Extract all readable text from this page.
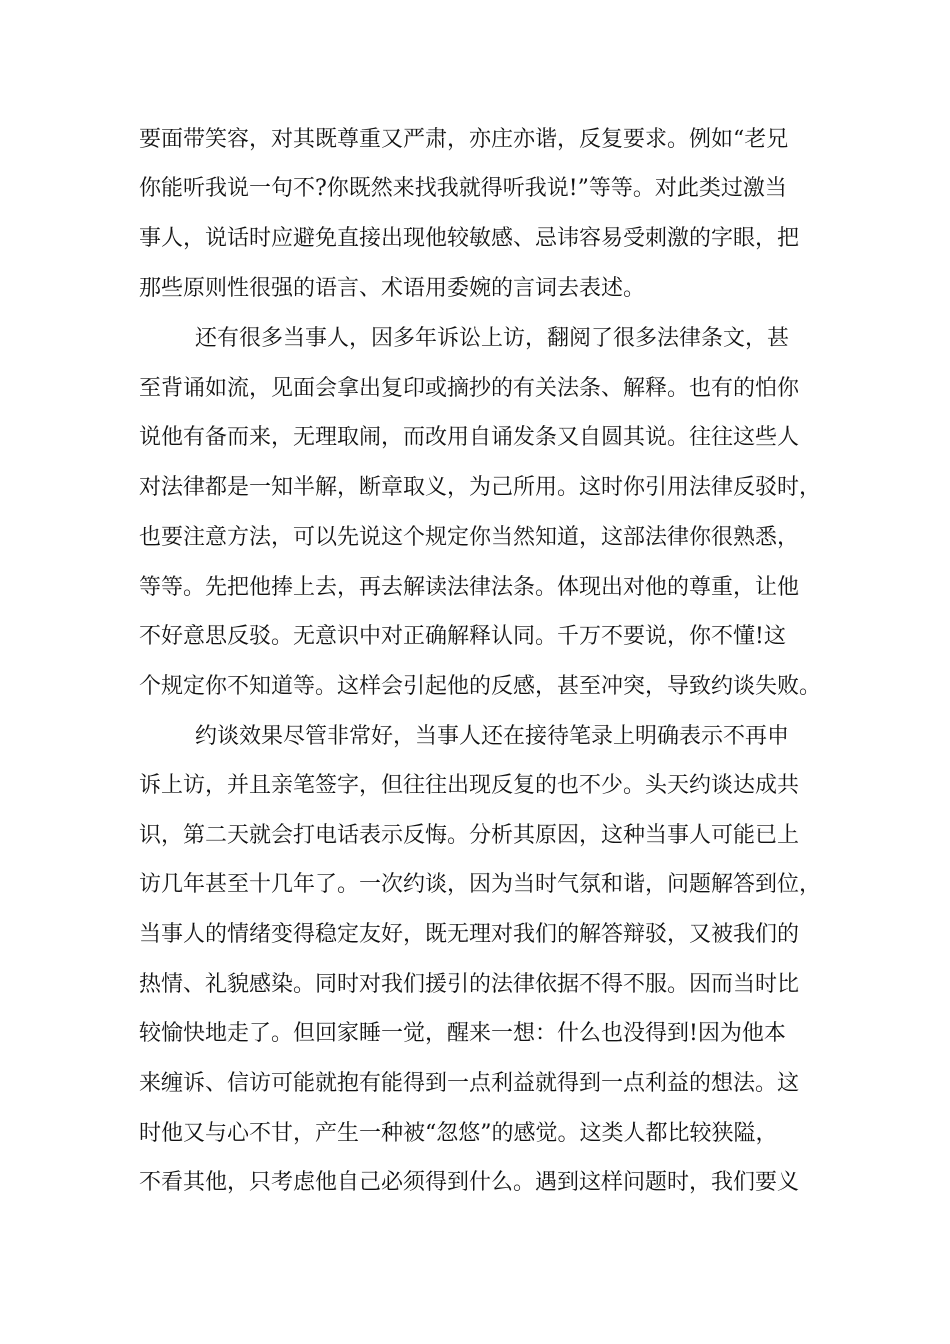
要面带笑容，对其既尊重又严肃，亦庄亦谐，反复要求。例如“老兄
你能听我说一句不?你既然来找我就得听我说!”等等。对此类过激当
事人，说话时应避免直接出现他较敏感、忌讳容易受刺激的字眼，把
那些原则性很强的语言、术语用委婉的言词去表述。
还有很多当事人，因多年诉讼上访，翻阅了很多法律条文，甚
至背诵如流，见面会拿出复印或摘抄的有关法条、解释。也有的怕你
说他有备而来，无理取闹，而改用自诵发条又自圆其说。往往这些人
对法律都是一知半解，断章取义，为己所用。这时你引用法律反驳时，
也要注意方法，可以先说这个规定你当然知道，这部法律你很熟悉，
等等。先把他捧上去，再去解读法律法条。体现出对他的尊重，让他
不好意思反驳。无意识中对正确解释认同。千万不要说，你不懂!这
个规定你不知道等。这样会引起他的反感，甚至冲突，导致约谈失败。
约谈效果尽管非常好，当事人还在接待笔录上明确表示不再申
诉上访，并且亲笔签字，但往往出现反复的也不少。头天约谈达成共
识，第二天就会打电话表示反悔。分析其原因，这种当事人可能已上
访几年甚至十几年了。一次约谈，因为当时气氛和谐，问题解答到位，
当事人的情绪变得稳定友好，既无理对我们的解答辩驳，又被我们的
热情、礼貌感染。同时对我们援引的法律依据不得不服。因而当时比
较愉快地走了。但回家睡一觉，醒来一想：什么也没得到!因为他本
来缠诉、信访可能就抱有能得到一点利益就得到一点利益的想法。这
时他又与心不甘，产生一种被“忽悠”的感觉。这类人都比较狭隘，
不看其他，只考虑他自己必须得到什么。遇到这样问题时，我们要义
